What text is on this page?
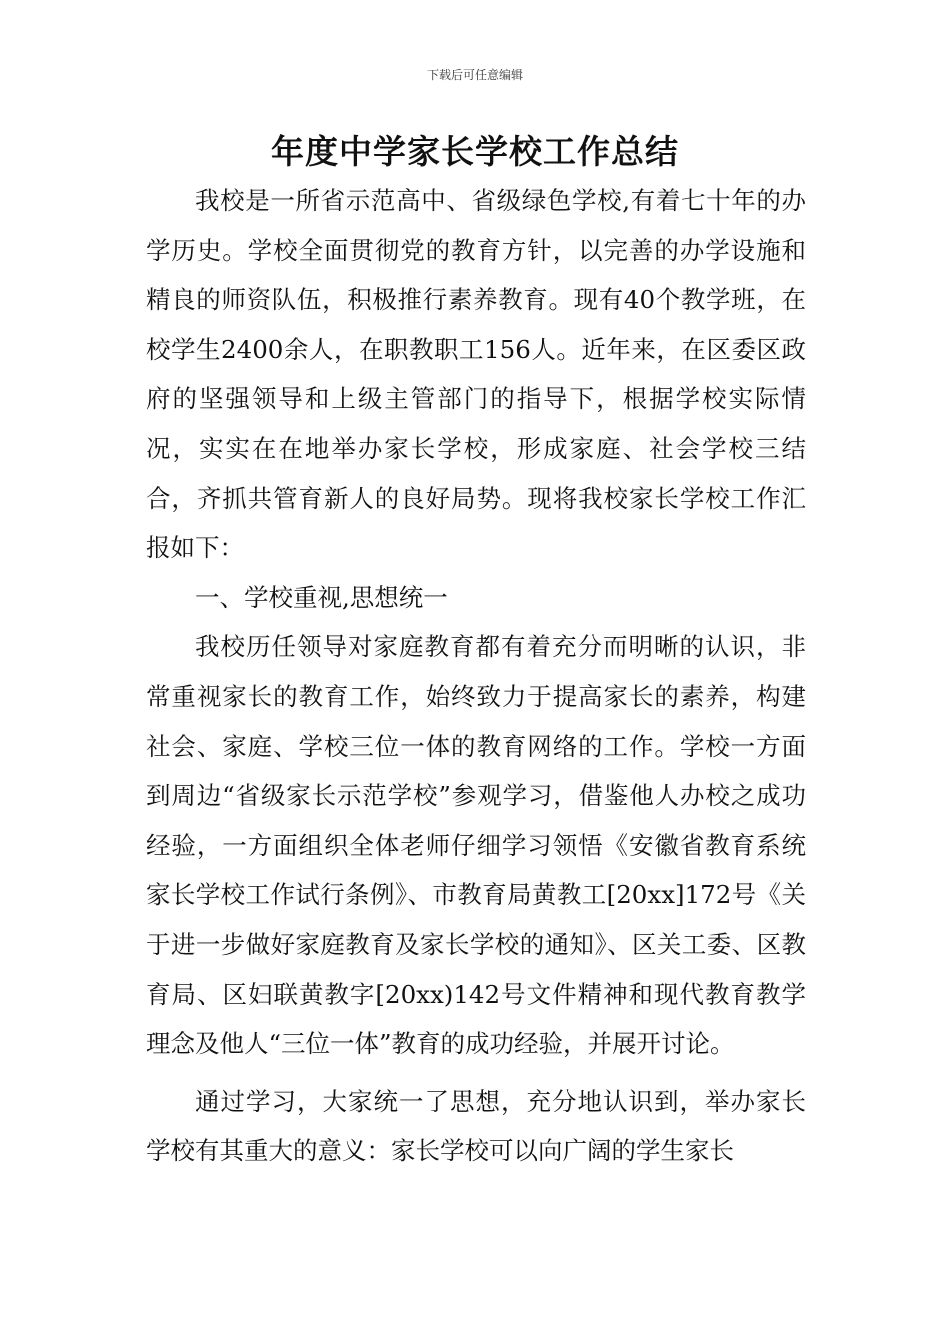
下载后可任意编辑
年度中学家长学校工作总结

我校是一所省示范高中、省级绿色学校,有着七十年的办学历史。学校全面贯彻党的教育方针，以完善的办学设施和精良的师资队伍，积极推行素养教育。现有40个教学班，在校学生2400余人，在职教职工156人。近年来，在区委区政府的坚强领导和上级主管部门的指导下，根据学校实际情况，实实在在地举办家长学校，形成家庭、社会学校三结合，齐抓共管育新人的良好局势。现将我校家长学校工作汇报如下：

一、学校重视,思想统一

我校历任领导对家庭教育都有着充分而明晰的认识，非常重视家长的教育工作，始终致力于提高家长的素养，构建社会、家庭、学校三位一体的教育网络的工作。学校一方面到周边“省级家长示范学校”参观学习，借鉴他人办校之成功经验，一方面组织全体老师仔细学习领悟《安徽省教育系统家长学校工作试行条例》、市教育局黄教工[20xx]172号《关于进一步做好家庭教育及家长学校的通知》、区关工委、区教育局、区妇联黄教字[20xx)142号文件精神和现代教育教学理念及他人“三位一体”教育的成功经验，并展开讨论。

通过学习，大家统一了思想，充分地认识到，举办家长学校有其重大的意义：家长学校可以向广阔的学生家长
